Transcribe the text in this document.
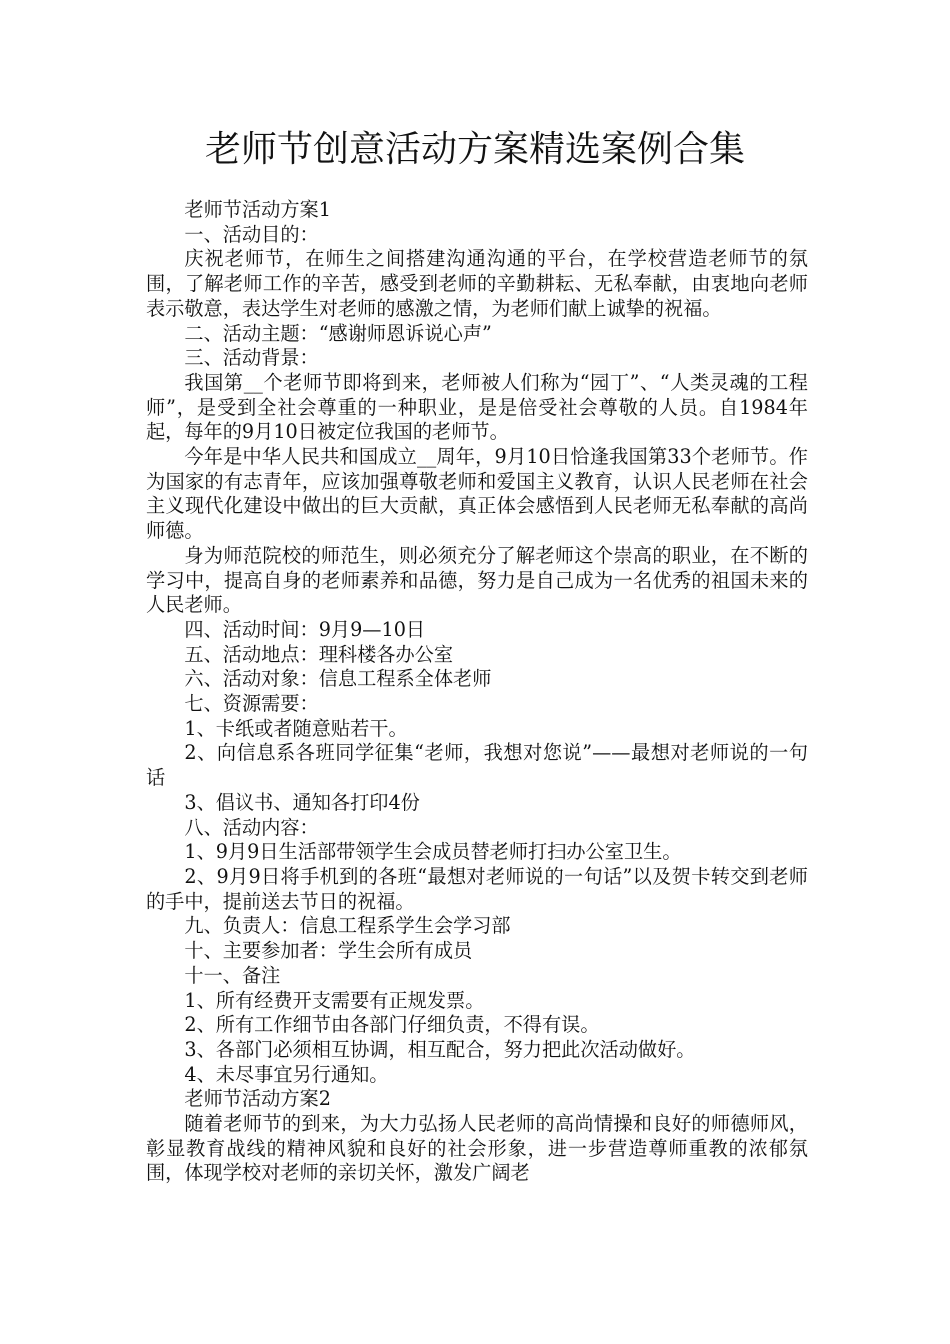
老师节创意活动方案精选案例合集

老师节活动方案1

一、活动目的：

庆祝老师节，在师生之间搭建沟通沟通的平台，在学校营造老师节的氛围，了解老师工作的辛苦，感受到老师的辛勤耕耘、无私奉献，由衷地向老师表示敬意，表达学生对老师的感激之情，为老师们献上诚挚的祝福。

二、活动主题：“感谢师恩诉说心声”

三、活动背景：

我国第__个老师节即将到来，老师被人们称为“园丁”、“人类灵魂的工程师”，是受到全社会尊重的一种职业，是是倍受社会尊敬的人员。自1984年起，每年的9月10日被定位我国的老师节。

今年是中华人民共和国成立__周年，9月10日恰逢我国第33个老师节。作为国家的有志青年，应该加强尊敬老师和爱国主义教育，认识人民老师在社会主义现代化建设中做出的巨大贡献，真正体会感悟到人民老师无私奉献的高尚师德。

身为师范院校的师范生，则必须充分了解老师这个崇高的职业，在不断的学习中，提高自身的老师素养和品德，努力是自己成为一名优秀的祖国未来的人民老师。

四、活动时间：9月9—10日

五、活动地点：理科楼各办公室

六、活动对象：信息工程系全体老师

七、资源需要：

1、卡纸或者随意贴若干。

2、向信息系各班同学征集“老师，我想对您说”——最想对老师说的一句话

3、倡议书、通知各打印4份

八、活动内容：

1、9月9日生活部带领学生会成员替老师打扫办公室卫生。

2、9月9日将手机到的各班“最想对老师说的一句话”以及贺卡转交到老师的手中，提前送去节日的祝福。

九、负责人：信息工程系学生会学习部

十、主要参加者：学生会所有成员

十一、备注

1、所有经费开支需要有正规发票。

2、所有工作细节由各部门仔细负责，不得有误。

3、各部门必须相互协调，相互配合，努力把此次活动做好。

4、未尽事宜另行通知。

老师节活动方案2

随着老师节的到来，为大力弘扬人民老师的高尚情操和良好的师德师风，彰显教育战线的精神风貌和良好的社会形象，进一步营造尊师重教的浓郁氛围，体现学校对老师的亲切关怀，激发广阔老
